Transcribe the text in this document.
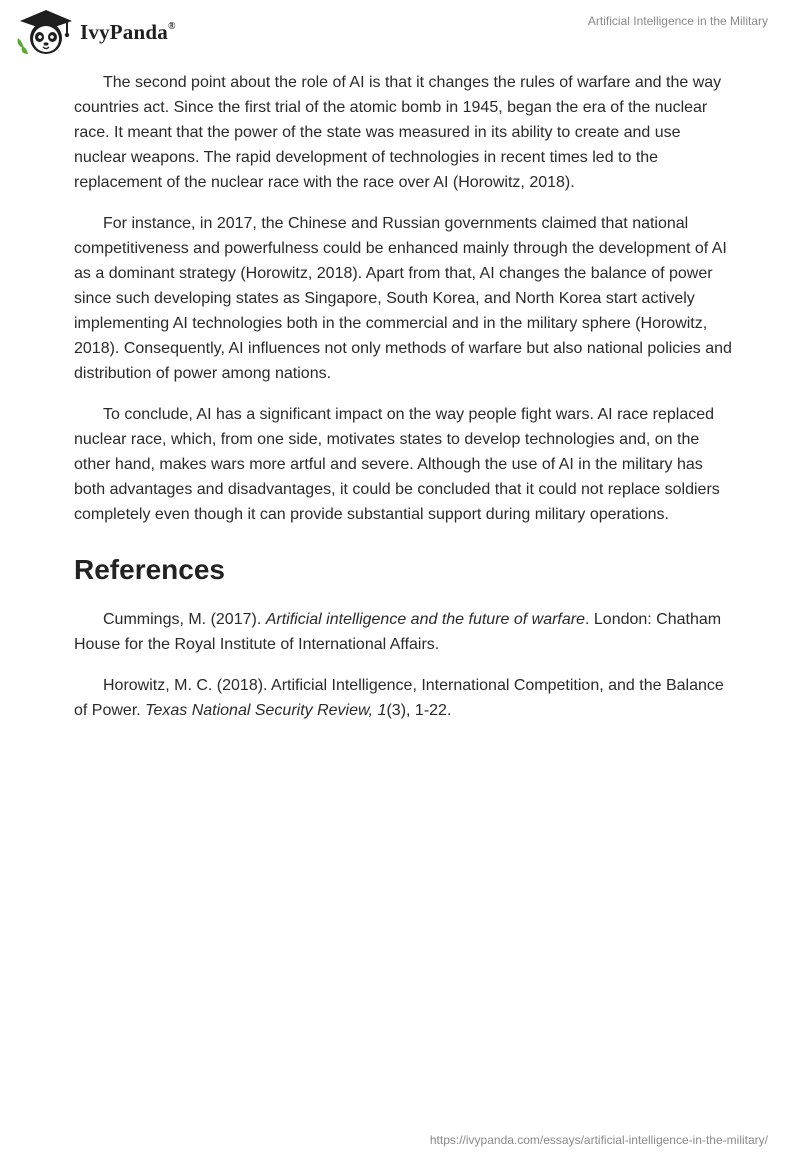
IvyPanda®	Artificial Intelligence in the Military

The second point about the role of AI is that it changes the rules of warfare and the way countries act. Since the first trial of the atomic bomb in 1945, began the era of the nuclear race. It meant that the power of the state was measured in its ability to create and use nuclear weapons. The rapid development of technologies in recent times led to the replacement of the nuclear race with the race over AI (Horowitz, 2018).

For instance, in 2017, the Chinese and Russian governments claimed that national competitiveness and powerfulness could be enhanced mainly through the development of AI as a dominant strategy (Horowitz, 2018). Apart from that, AI changes the balance of power since such developing states as Singapore, South Korea, and North Korea start actively implementing AI technologies both in the commercial and in the military sphere (Horowitz, 2018). Consequently, AI influences not only methods of warfare but also national policies and distribution of power among nations.

To conclude, AI has a significant impact on the way people fight wars. AI race replaced nuclear race, which, from one side, motivates states to develop technologies and, on the other hand, makes wars more artful and severe. Although the use of AI in the military has both advantages and disadvantages, it could be concluded that it could not replace soldiers completely even though it can provide substantial support during military operations.

References

Cummings, M. (2017). Artificial intelligence and the future of warfare. London: Chatham House for the Royal Institute of International Affairs.

Horowitz, M. C. (2018). Artificial Intelligence, International Competition, and the Balance of Power. Texas National Security Review, 1(3), 1-22.

https://ivypanda.com/essays/artificial-intelligence-in-the-military/
